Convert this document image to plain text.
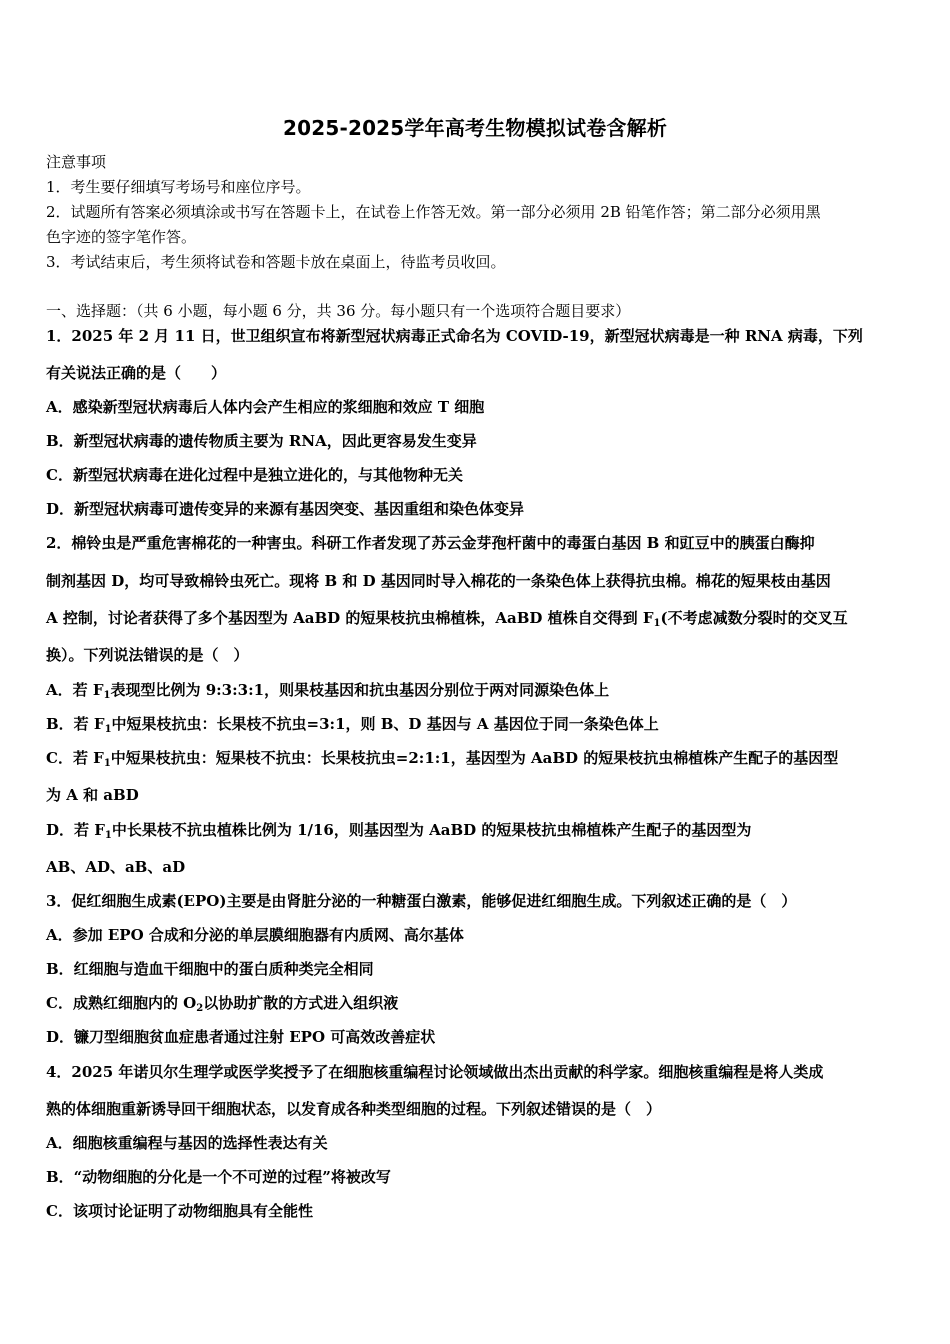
2025-2025学年高考生物模拟试卷含解析
注意事项
1．考生要仔细填写考场号和座位序号。
2．试题所有答案必须填涂或书写在答题卡上，在试卷上作答无效。第一部分必须用 2B 铅笔作答；第二部分必须用黑
色字迹的签字笔作答。
3．考试结束后，考生须将试卷和答题卡放在桌面上，待监考员收回。
一、选择题：（共 6 小题，每小题 6 分，共 36 分。每小题只有一个选项符合题目要求）
1．2025 年 2 月 11 日，世卫组织宣布将新型冠状病毒正式命名为 COVID-19，新型冠状病毒是一种 RNA 病毒，下列
有关说法正确的是（　　）
A．感染新型冠状病毒后人体内会产生相应的浆细胞和效应 T 细胞
B．新型冠状病毒的遗传物质主要为 RNA，因此更容易发生变异
C．新型冠状病毒在进化过程中是独立进化的，与其他物种无关
D．新型冠状病毒可遗传变异的来源有基因突变、基因重组和染色体变异
2．棉铃虫是严重危害棉花的一种害虫。科研工作者发现了苏云金芽孢杆菌中的毒蛋白基因 B 和豇豆中的胰蛋白酶抑
制剂基因 D，均可导致棉铃虫死亡。现将 B 和 D 基因同时导入棉花的一条染色体上获得抗虫棉。棉花的短果枝由基因
A 控制，讨论者获得了多个基因型为 AaBD 的短果枝抗虫棉植株，AaBD 植株自交得到 $F_1$(不考虑减数分裂时的交叉互
换）。下列说法错误的是（　）
A．若 $F_1$表现型比例为 9:3:3:1，则果枝基因和抗虫基因分别位于两对同源染色体上
B．若 $F_1$中短果枝抗虫：长果枝不抗虫=3:1，则 B、D 基因与 A 基因位于同一条染色体上
C．若 $F_1$中短果枝抗虫：短果枝不抗虫：长果枝抗虫=2:1:1，基因型为 AaBD 的短果枝抗虫棉植株产生配子的基因型
为 A 和 aBD
D．若 $F_1$中长果枝不抗虫植株比例为 1/16，则基因型为 AaBD 的短果枝抗虫棉植株产生配子的基因型为
AB、AD、aB、aD
3．促红细胞生成素(EPO)主要是由肾脏分泌的一种糖蛋白激素，能够促进红细胞生成。下列叙述正确的是（　）
A．参加 EPO 合成和分泌的单层膜细胞器有内质网、高尔基体
B．红细胞与造血干细胞中的蛋白质种类完全相同
C．成熟红细胞内的 $O_2$以协助扩散的方式进入组织液
D．镰刀型细胞贫血症患者通过注射 EPO 可高效改善症状
4．2025 年诺贝尔生理学或医学奖授予了在细胞核重编程讨论领域做出杰出贡献的科学家。细胞核重编程是将人类成
熟的体细胞重新诱导回干细胞状态，以发育成各种类型细胞的过程。下列叙述错误的是（　）
A．细胞核重编程与基因的选择性表达有关
B．“动物细胞的分化是一个不可逆的过程”将被改写
C．该项讨论证明了动物细胞具有全能性
